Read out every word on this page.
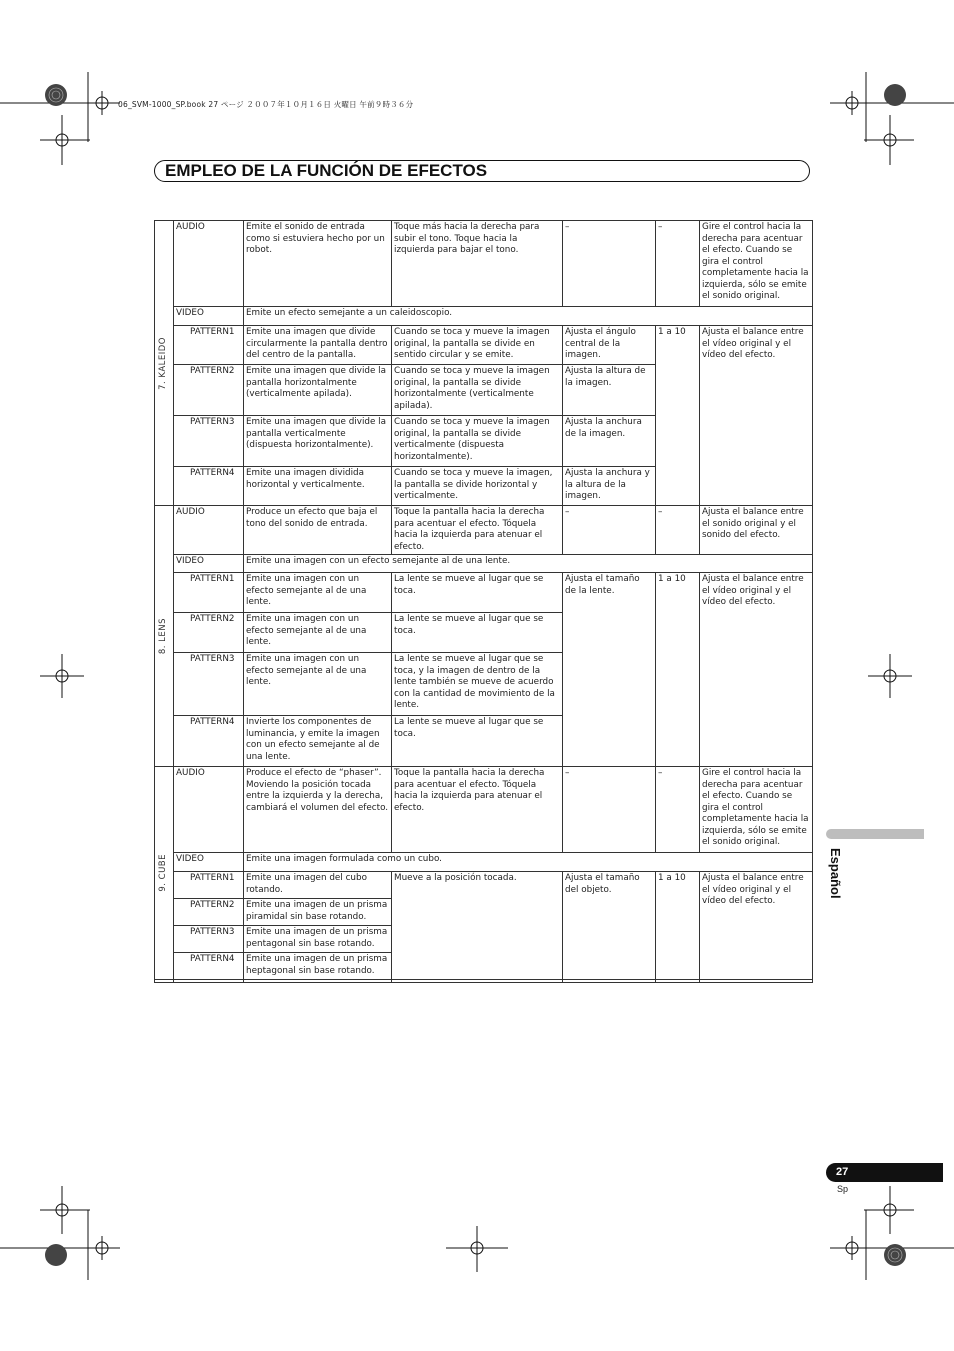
06_SVM-1000_SP.book 27 ページ ２００７年１０月１６日 火曜日 午前９時３６分
EMPLEO DE LA FUNCIÓN DE EFECTOS
7. KALEIDO	AUDIO	Emite el sonido de entrada como si estuviera hecho por un robot.	Toque más hacia la derecha para subir el tono. Toque hacia la izquierda para bajar el tono.	–	–	Gire el control hacia la derecha para acentuar el efecto. Cuando se gira el control completamente hacia la izquierda, sólo se emite el sonido original.
	VIDEO	Emite un efecto semejante a un caleidoscopio.				
	PATTERN1	Emite una imagen que divide circularmente la pantalla dentro del centro de la pantalla.	Cuando se toca y mueve la imagen original, la pantalla se divide en sentido circular y se emite.	Ajusta el ángulo central de la imagen.	1 a 10	Ajusta el balance entre el vídeo original y el vídeo del efecto.
	PATTERN2	Emite una imagen que divide la pantalla horizontalmente (verticalmente apilada).	Cuando se toca y mueve la imagen original, la pantalla se divide horizontalmente (verticalmente apilada).	Ajusta la altura de la imagen.		
	PATTERN3	Emite una imagen que divide la pantalla verticalmente (dispuesta horizontalmente).	Cuando se toca y mueve la imagen original, la pantalla se divide verticalmente (dispuesta horizontalmente).	Ajusta la anchura de la imagen.		
	PATTERN4	Emite una imagen dividida horizontal y verticalmente.	Cuando se toca y mueve la imagen, la pantalla se divide horizontal y verticalmente.	Ajusta la anchura y la altura de la imagen.		

8. LENS	AUDIO	Produce un efecto que baja el tono del sonido de entrada.	Toque la pantalla hacia la derecha para acentuar el efecto. Tóquela hacia la izquierda para atenuar el efecto.	–	–	Ajusta el balance entre el sonido original y el sonido del efecto.
	VIDEO	Emite una imagen con un efecto semejante al de una lente.				
	PATTERN1	Emite una imagen con un efecto semejante al de una lente.	La lente se mueve al lugar que se toca.	Ajusta el tamaño de la lente.	1 a 10	Ajusta el balance entre el vídeo original y el vídeo del efecto.
	PATTERN2	Emite una imagen con un efecto semejante al de una lente.	La lente se mueve al lugar que se toca.			
	PATTERN3	Emite una imagen con un efecto semejante al de una lente.	La lente se mueve al lugar que se toca, y la imagen de dentro de la lente también se mueve de acuerdo con la cantidad de movimiento de la lente.			
	PATTERN4	Invierte los componentes de luminancia, y emite la imagen con un efecto semejante al de una lente.	La lente se mueve al lugar que se toca.			

9. CUBE	AUDIO	Produce el efecto de “phaser”. Moviendo la posición tocada entre la izquierda y la derecha, cambiará el volumen del efecto.	Toque la pantalla hacia la derecha para acentuar el efecto. Tóquela hacia la izquierda para atenuar el efecto.	–	–	Gire el control hacia la derecha para acentuar el efecto. Cuando se gira el control completamente hacia la izquierda, sólo se emite el sonido original.
	VIDEO	Emite una imagen formulada como un cubo.				
	PATTERN1	Emite una imagen del cubo rotando.	Mueve a la posición tocada.	Ajusta el tamaño del objeto.	1 a 10	Ajusta el balance entre el vídeo original y el vídeo del efecto.
	PATTERN2	Emite una imagen de un prisma piramidal sin base rotando.				
	PATTERN3	Emite una imagen de un prisma pentagonal sin base rotando.				
	PATTERN4	Emite una imagen de un prisma heptagonal sin base rotando.				

Español
27
Sp
